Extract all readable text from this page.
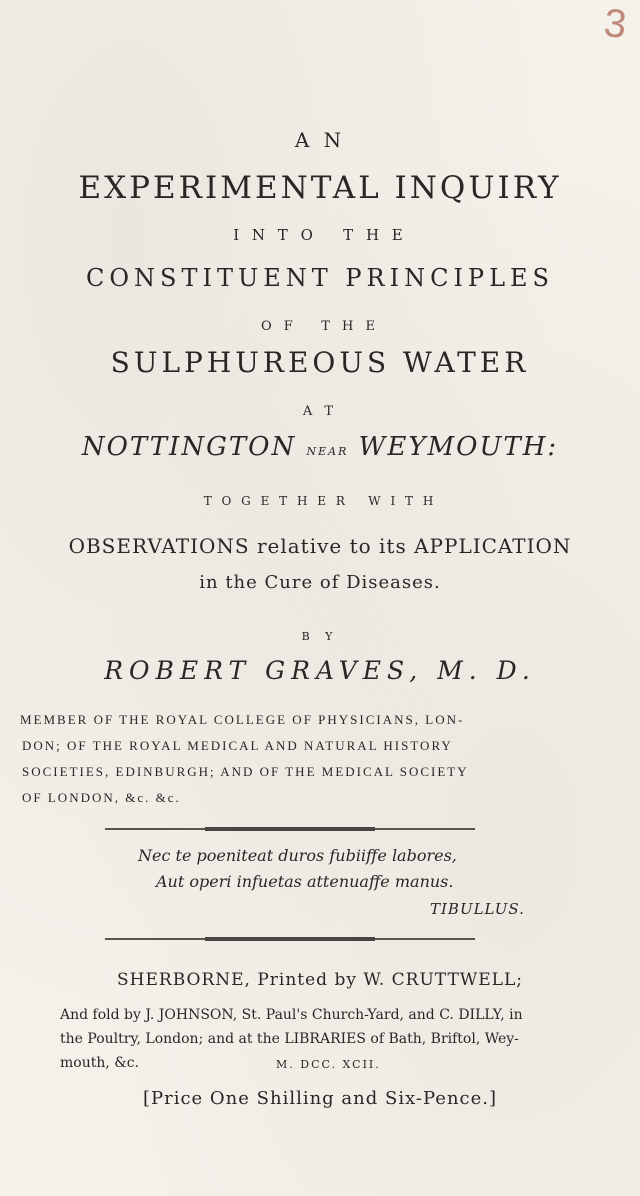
3
A N
EXPERIMENTAL INQUIRY
I N T O   T H E
CONSTITUENT PRINCIPLES
O F   T H E
SULPHUREOUS WATER
A T
NOTTINGTON NEAR WEYMOUTH:
T O G E T H E R   W I T H
OBSERVATIONS relative to its APPLICATION
in the Cure of Diseases.
B Y
ROBERT GRAVES, M. D.
MEMBER OF THE ROYAL COLLEGE OF PHYSICIANS, LON-
DON; OF THE ROYAL MEDICAL AND NATURAL HISTORY
SOCIETIES, EDINBURGH; AND OF THE MEDICAL SOCIETY
OF LONDON, &c. &c.
Nec te poeniteat duros fubiiffe labores,
Aut operi infuetas attenuaffe manus.
TIBULLUS.
SHERBORNE, Printed by W. CRUTTWELL;
And fold by J. JOHNSON, St. Paul's Church-Yard, and C. DILLY, in
the Poultry, London; and at the LIBRARIES of Bath, Briftol, Wey-
mouth, &c.	M. DCC. XCII.
[Price One Shilling and Six-Pence.]
